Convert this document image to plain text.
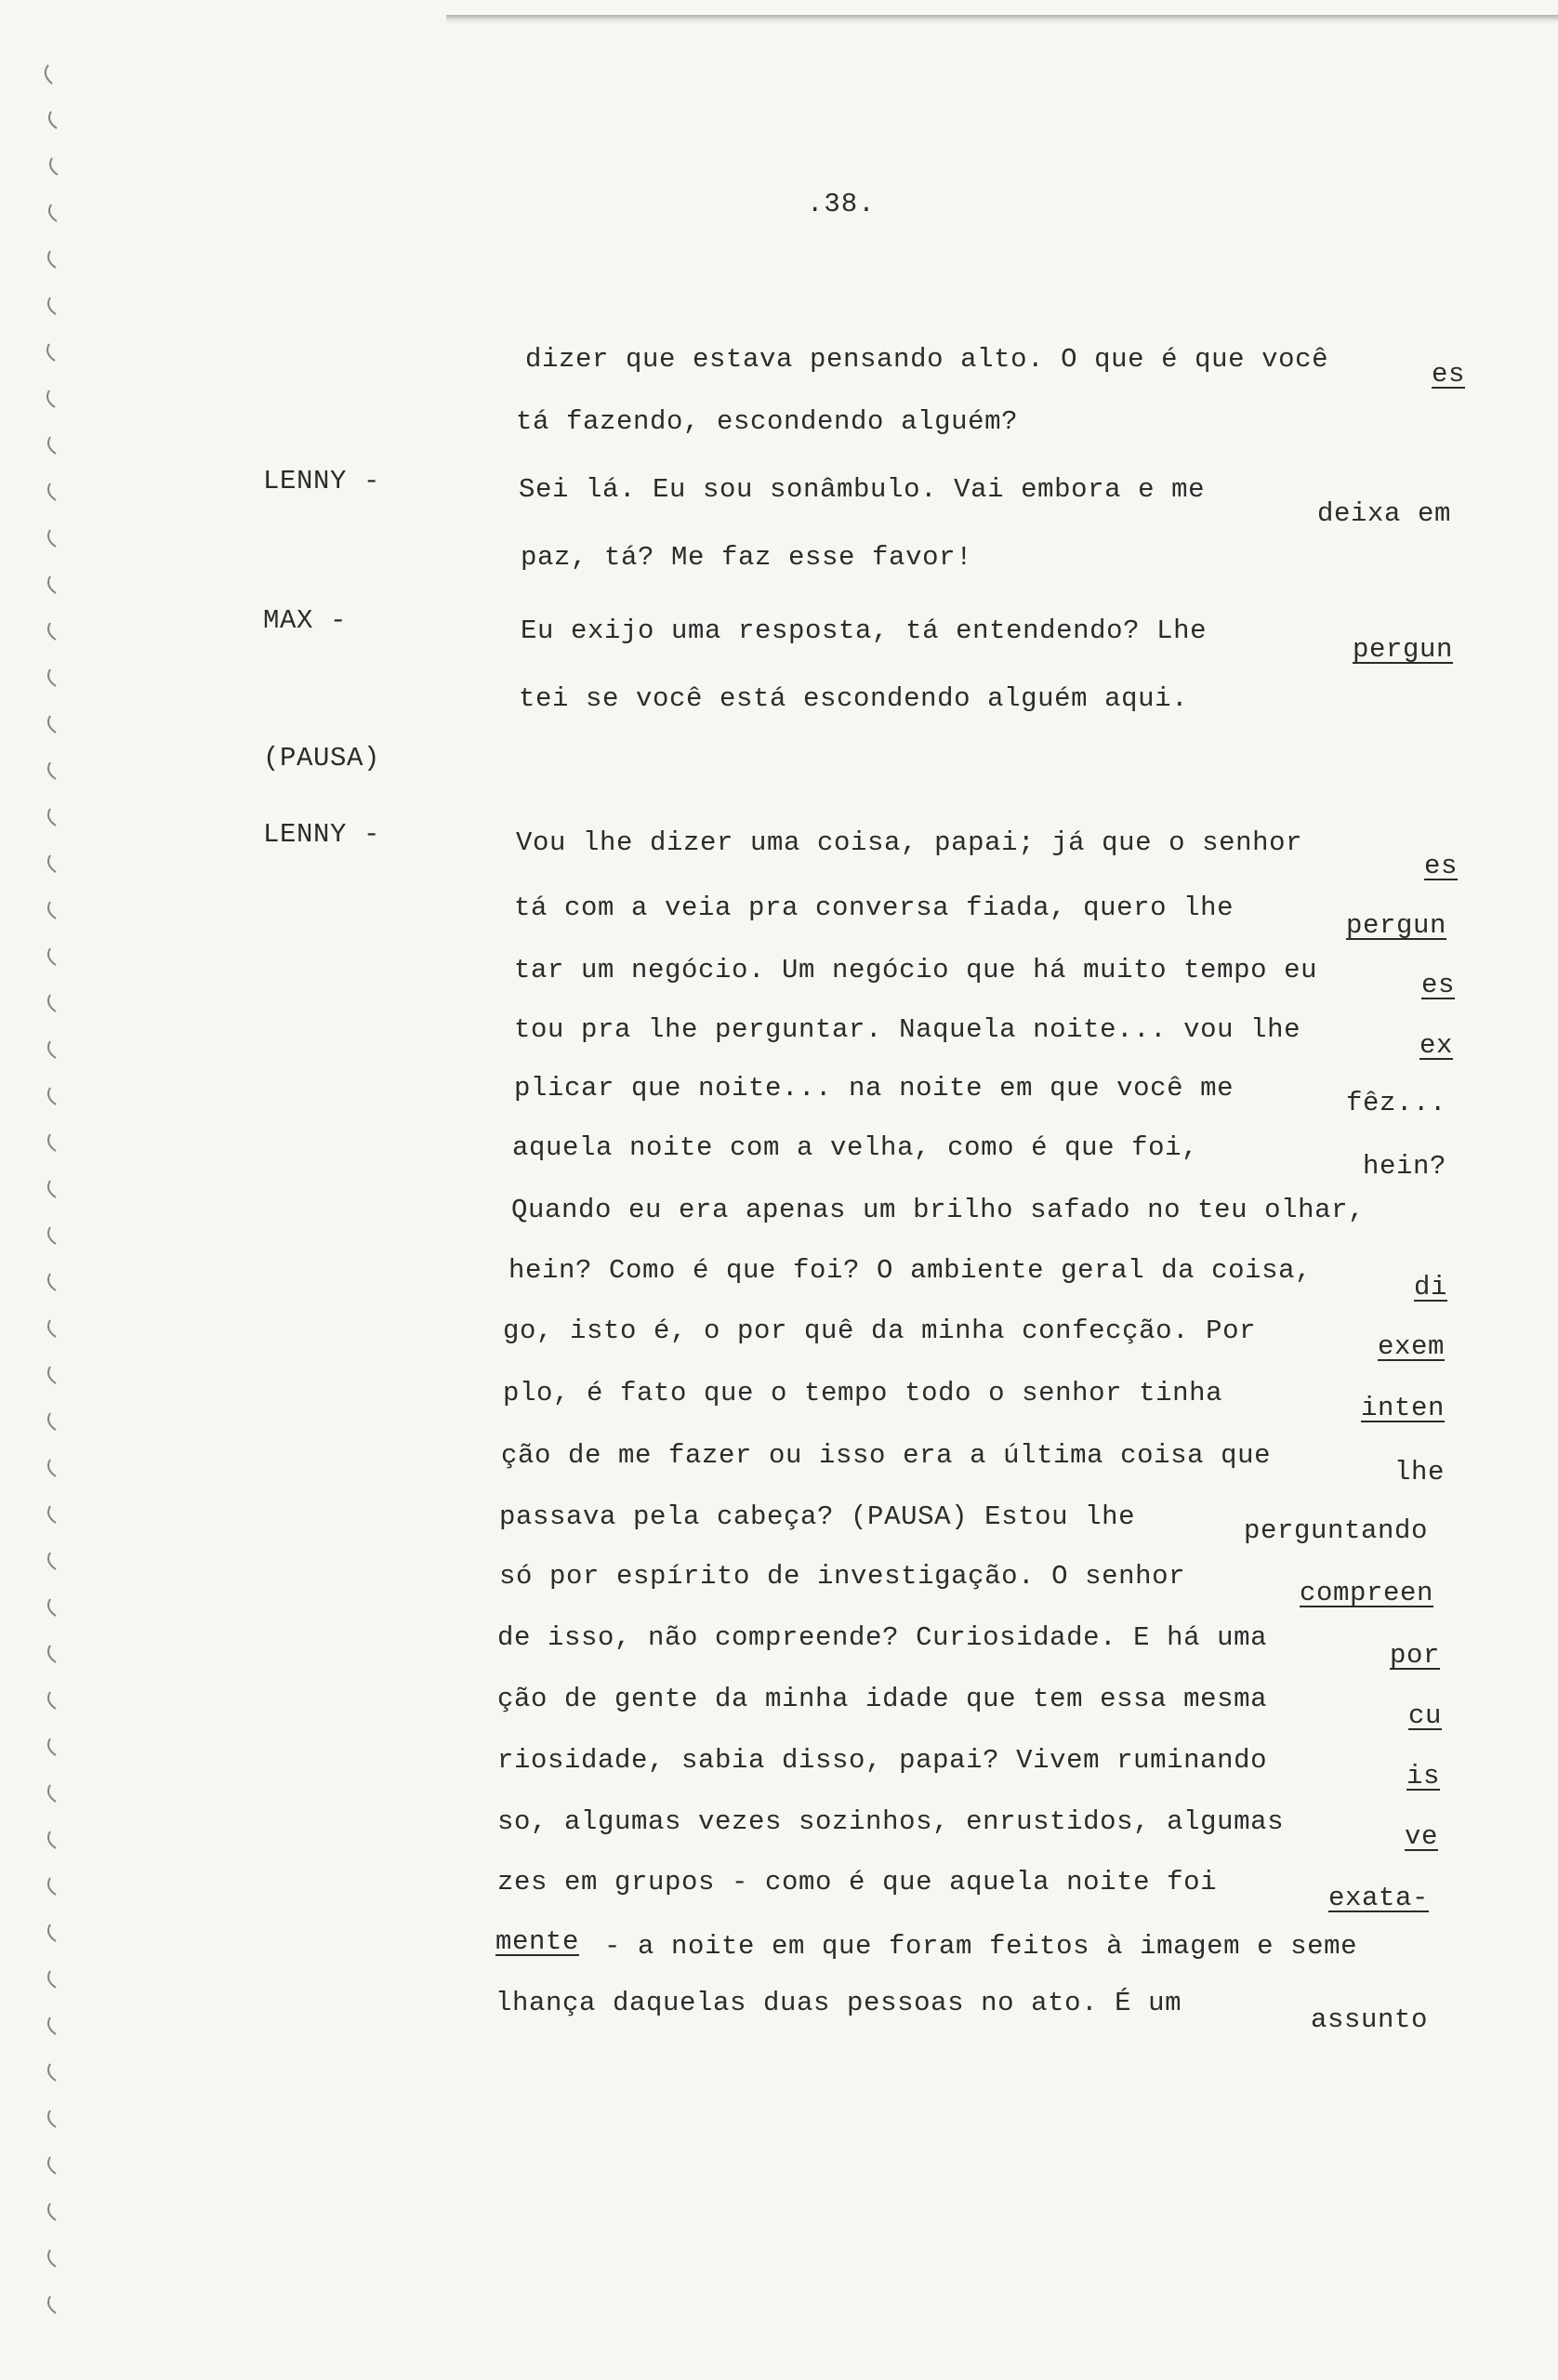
.38.
LENNY -
MAX -
(PAUSA)
LENNY -
dizer que estava pensando alto. O que é que você	es
tá fazendo, escondendo alguém?
Sei lá. Eu sou sonâmbulo. Vai embora e me
deixa em
paz, tá? Me faz esse favor!
Eu exijo uma resposta, tá entendendo? Lhe
pergun
tei se você está escondendo alguém aqui.
Vou lhe dizer uma coisa, papai; já que o senhor
es
tá com a veia pra conversa fiada, quero lhe
pergun
tar um negócio. Um negócio que há muito tempo eu	es
tou pra lhe perguntar. Naquela noite... vou lhe
ex
plicar que noite... na noite em que você me	fêz...
aquela noite com a velha, como é que foi,
hein?
Quando eu era apenas um brilho safado no teu olhar,
hein? Como é que foi? O ambiente geral da coisa,
di
go, isto é, o por quê da minha confecção. Por
exem
plo, é fato que o tempo todo o senhor tinha	inten
ção de me fazer ou isso era a última coisa que
lhe
passava pela cabeça? (PAUSA) Estou lhe	perguntando
só por espírito de investigação. O senhor
compreen
de isso, não compreende? Curiosidade. E há uma
por
ção de gente da minha idade que tem essa mesma
cu
riosidade, sabia disso, papai? Vivem ruminando
is
so, algumas vezes sozinhos, enrustidos, algumas	ve
zes em grupos - como é que aquela noite foi
exata-
mente - a noite em que foram feitos à imagem e seme
lhança daquelas duas pessoas no ato. É um
assunto
